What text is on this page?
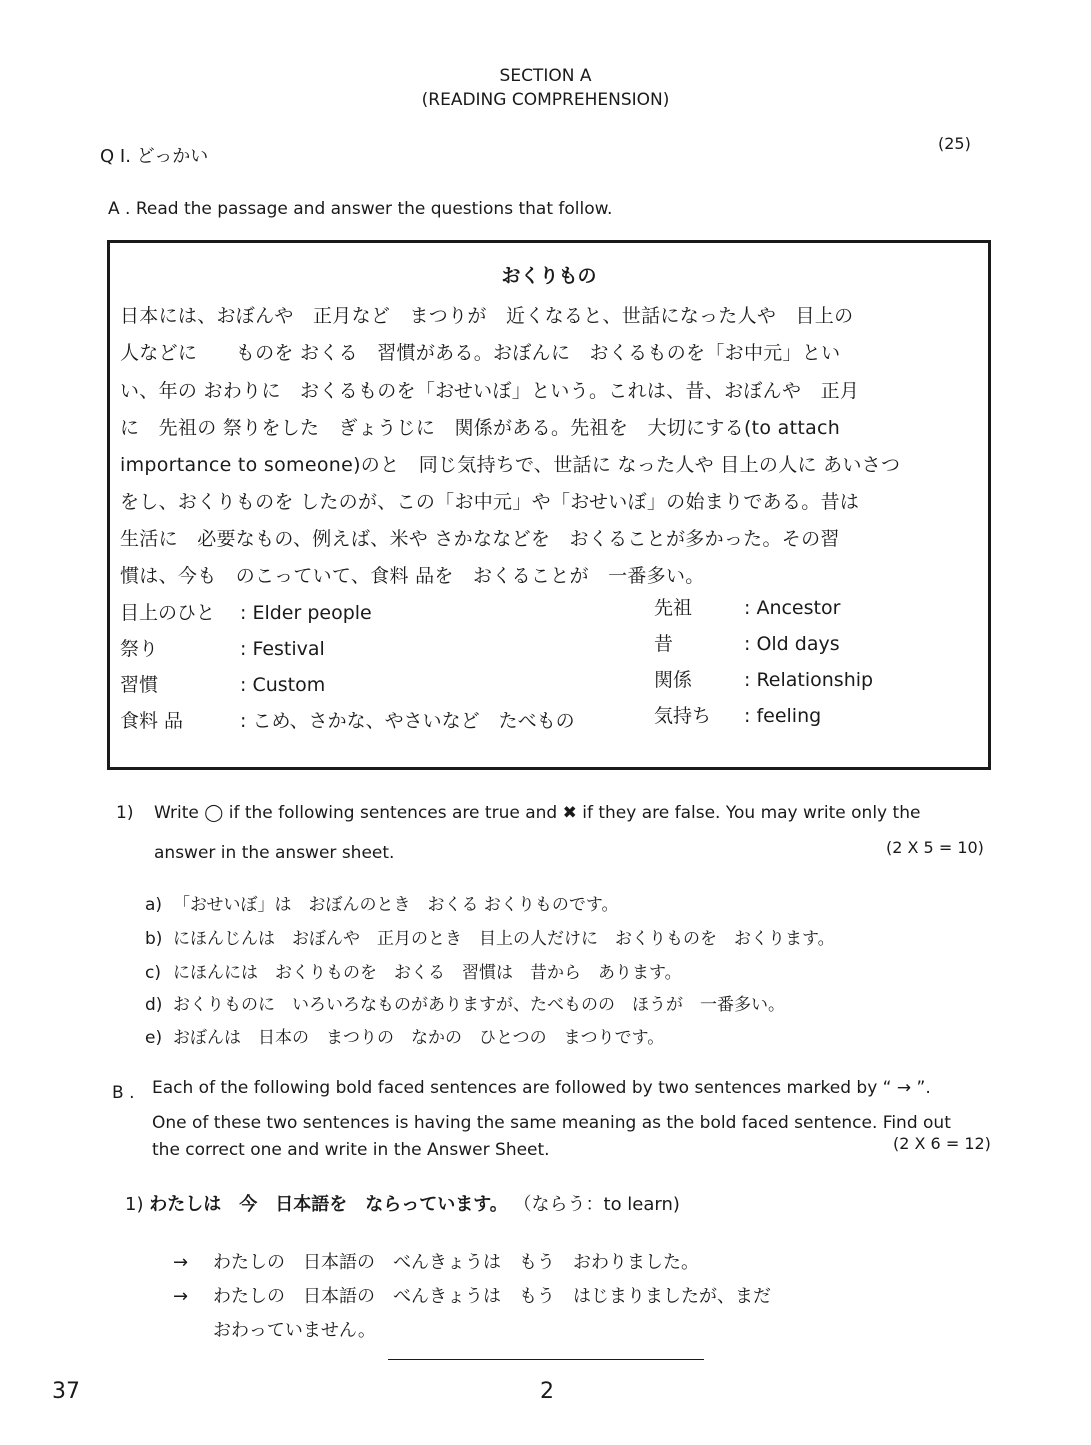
SECTION A
(READING COMPREHENSION)
Q I. どっかい
(25)
A . Read the passage and answer the questions that follow.
おくりもの
日本には、おぼんや　正月など　まつりが　近くなると、世話になった人や　目上の
人などに　　ものを おくる　習慣がある。おぼんに　おくるものを「お中元」とい
い、年の おわりに　おくるものを「おせいぼ」という。これは、昔、おぼんや　正月
に　先祖の 祭りをした　ぎょうじに　関係がある。先祖を　大切にする(to attach
importance to someone)のと　同じ気持ちで、世話に なった人や 目上の人に あいさつ
をし、おくりものを したのが、この「お中元」や「おせいぼ」の始まりである。昔は
生活に　必要なもの、例えば、米や さかななどを　おくることが多かった。その習
慣は、今も　のこっていて、食料 品を　おくることが　一番多い。
目上のひと : Elder people
祭り	: Festival
習慣	: Custom
食料 品	: こめ、さかな、やさいなど　たべもの
先祖	: Ancestor
昔	: Old days
関係	: Relationship
気持ち : feeling
1) Write ◯ if the following sentences are true and ✖ if they are false. You may write only the
answer in the answer sheet.	(2 X 5 = 10)
a) 「おせいぼ」は　おぼんのとき　おくる おくりものです。
b) にほんじんは　おぼんや　正月のとき　目上の人だけに　おくりものを　おくります。
c) にほんには　おくりものを　おくる　習慣は　昔から　あります。
d) おくりものに　いろいろなものがありますが、たべものの　ほうが　一番多い。
e) おぼんは　日本の　まつりの　なかの　ひとつの　まつりです。
B . Each of the following bold faced sentences are followed by two sentences marked by “ → ”.
One of these two sentences is having the same meaning as the bold faced sentence. Find out
the correct one and write in the Answer Sheet.	(2 X 6 = 12)
1) わたしは　今　日本語を　ならっています。 （ならう：to learn)
→ わたしの　日本語の　べんきょうは　もう　おわりました。
→ わたしの　日本語の　べんきょうは　もう　はじまりましたが、まだ
おわっていません。
37	2
